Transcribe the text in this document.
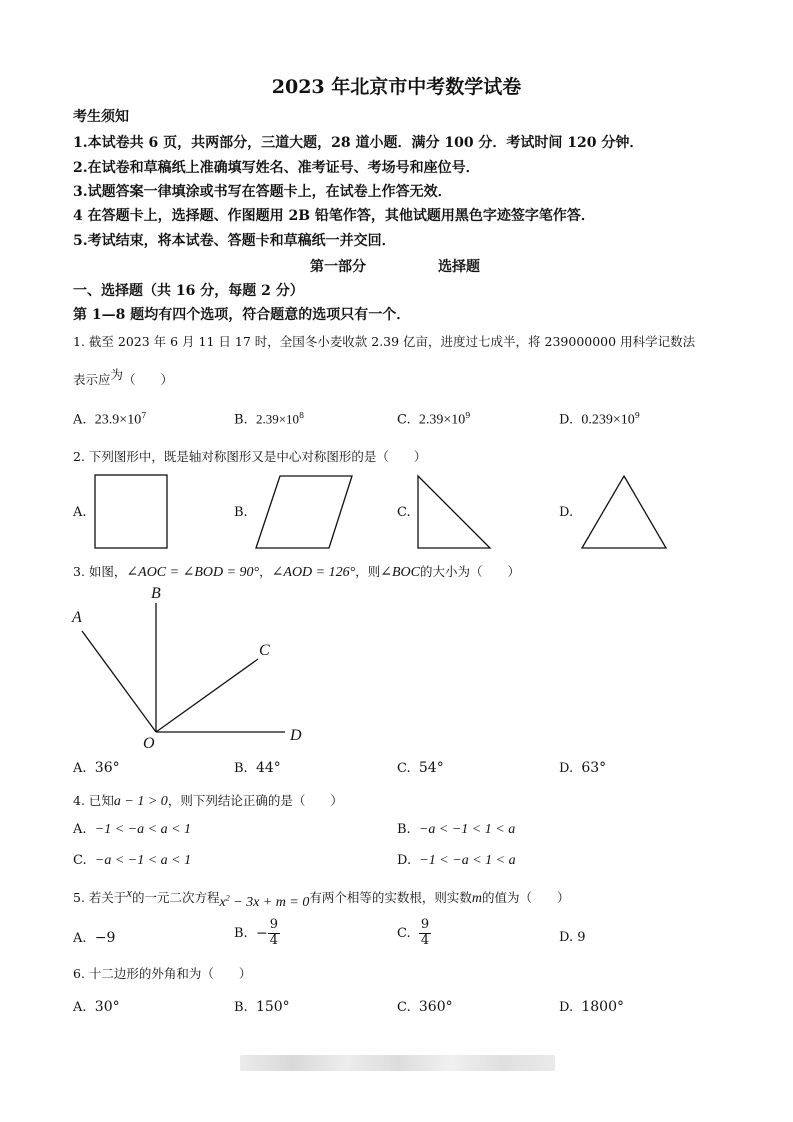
2023 年北京市中考数学试卷
考生须知
1.本试卷共 6 页，共两部分，三道大题，28 道小题．满分 100 分．考试时间 120 分钟．
2.在试卷和草稿纸上准确填写姓名、准考证号、考场号和座位号．
3.试题答案一律填涂或书写在答题卡上，在试卷上作答无效．
4 在答题卡上，选择题、作图题用 2B 铅笔作答，其他试题用黑色字迹签字笔作答．
5.考试结束，将本试卷、答题卡和草稿纸一并交回．
第一部分	选择题
一、选择题（共 16 分，每题 2 分）
第 1—8 题均有四个选项，符合题意的选项只有一个．
1. 截至 2023 年 6 月 11 日 17 时，全国冬小麦收款 2.39 亿亩，进度过七成半，将 239000000 用科学记数法
表示应为（　　）
A. $23.9\times 10^7$	B. $2.39\times 10^8$	C. $2.39\times 10^9$	D. $0.239\times 10^9$
2. 下列图形中，既是轴对称图形又是中心对称图形的是（　　）
A.	B.	C.	D.
3. 如图，∠AOC = ∠BOD = 90°，∠AOD = 126°，则∠BOC的大小为（　　）
A
B
C
D
O
A. 36°	B. 44°	C. 54°	D. 63°
4. 已知a − 1 > 0，则下列结论正确的是（　　）
A. −1 < −a < a < 1	B. −a < −1 < 1 < a
C. −a < −1 < a < 1	D. −1 < −a < 1 < a
5. 若关于x的一元二次方程$x^2 - 3x + m = 0$有两个相等的实数根，则实数m的值为（　　）
A. −9	B. − $\frac{9}{4}$	C. $\frac{9}{4}$	D. 9
6. 十二边形的外角和为（　　）
A. 30°	B. 150°	C. 360°	D. 1800°
